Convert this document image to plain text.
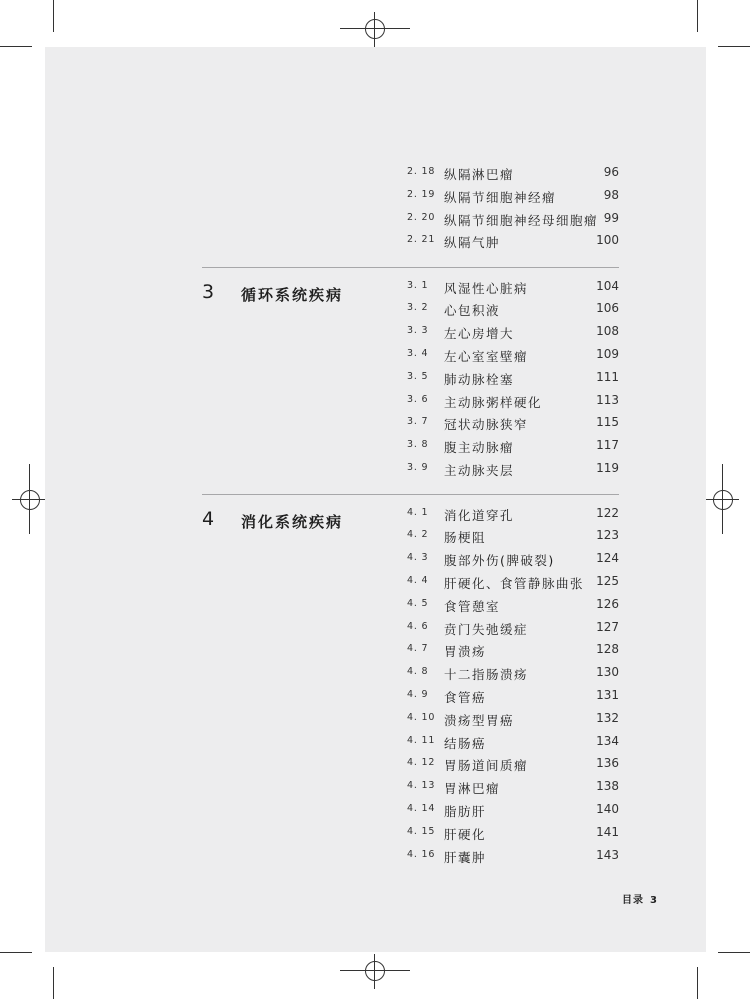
2. 18 纵隔淋巴瘤	96
2. 19 纵隔节细胞神经瘤	98
2. 20 纵隔节细胞神经母细胞瘤 99
2. 21 纵隔气肿	100
3 循环系统疾病
3. 1 风湿性心脏病	104
3. 2 心包积液	106
3. 3 左心房增大	108
3. 4 左心室室壁瘤	109
3. 5 肺动脉栓塞	111
3. 6 主动脉粥样硬化	113
3. 7 冠状动脉狭窄	115
3. 8 腹主动脉瘤	117
3. 9 主动脉夹层	119
4 消化系统疾病
4. 1 消化道穿孔	122
4. 2 肠梗阻	123
4. 3 腹部外伤(脾破裂)	124
4. 4 肝硬化、食管静脉曲张 125
4. 5 食管憩室	126
4. 6 贲门失弛缓症	127
4. 7 胃溃疡	128
4. 8 十二指肠溃疡	130
4. 9 食管癌	131
4. 10 溃疡型胃癌	132
4. 11 结肠癌	134
4. 12 胃肠道间质瘤	136
4. 13 胃淋巴瘤	138
4. 14 脂肪肝	140
4. 15 肝硬化	141
4. 16 肝囊肿	143
目录 3
